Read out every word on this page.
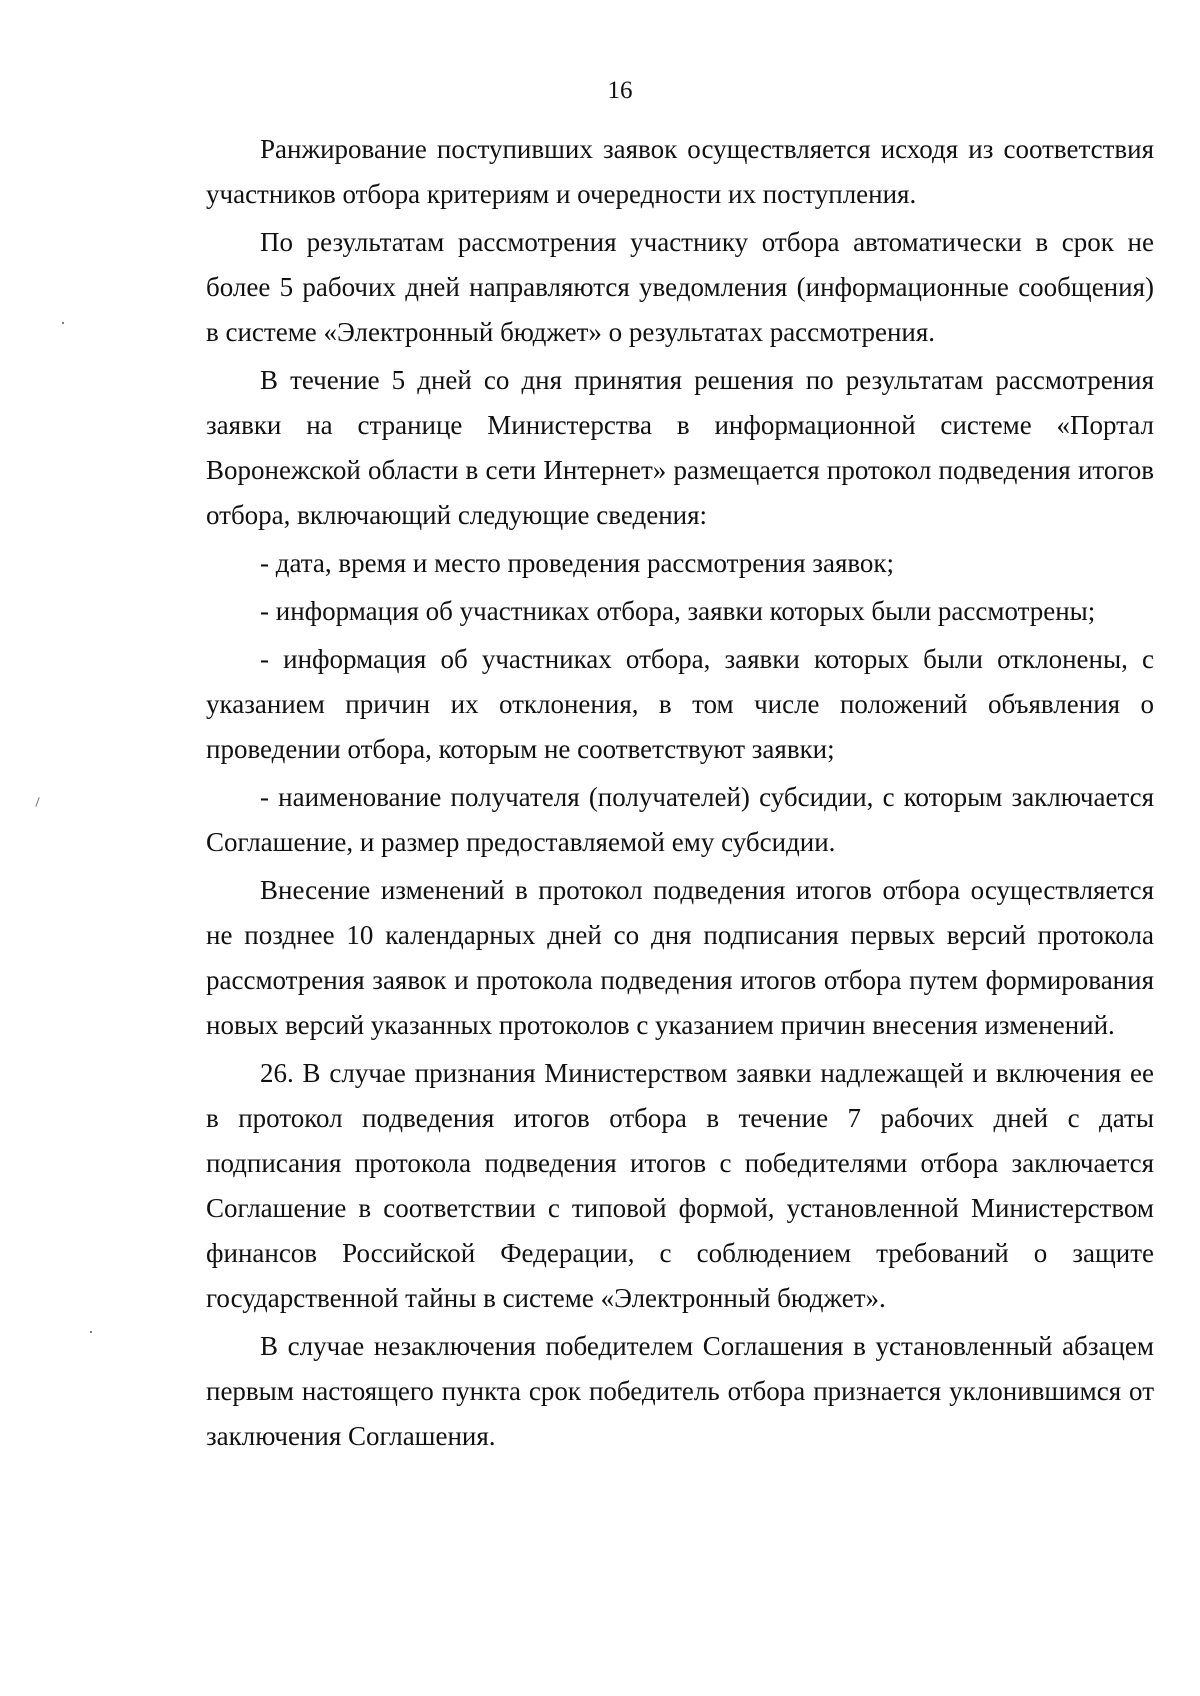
16

Ранжирование поступивших заявок осуществляется исходя из соответствия участников отбора критериям и очередности их поступления.

По результатам рассмотрения участнику отбора автоматически в срок не более 5 рабочих дней направляются уведомления (информационные сообщения) в системе «Электронный бюджет» о результатах рассмотрения.

В течение 5 дней со дня принятия решения по результатам рассмотрения заявки на странице Министерства в информационной системе «Портал Воронежской области в сети Интернет» размещается протокол подведения итогов отбора, включающий следующие сведения:

- дата, время и место проведения рассмотрения заявок;

- информация об участниках отбора, заявки которых были рассмотрены;

- информация об участниках отбора, заявки которых были отклонены, с указанием причин их отклонения, в том числе положений объявления о проведении отбора, которым не соответствуют заявки;

- наименование получателя (получателей) субсидии, с которым заключается Соглашение, и размер предоставляемой ему субсидии.

Внесение изменений в протокол подведения итогов отбора осуществляется не позднее 10 календарных дней со дня подписания первых версий протокола рассмотрения заявок и протокола подведения итогов отбора путем формирования новых версий указанных протоколов с указанием причин внесения изменений.

26. В случае признания Министерством заявки надлежащей и включения ее в протокол подведения итогов отбора в течение 7 рабочих дней с даты подписания протокола подведения итогов с победителями отбора заключается Соглашение в соответствии с типовой формой, установленной Министерством финансов Российской Федерации, с соблюдением требований о защите государственной тайны в системе «Электронный бюджет».

В случае незаключения победителем Соглашения в установленный абзацем первым настоящего пункта срок победитель отбора признается уклонившимся от заключения Соглашения.
